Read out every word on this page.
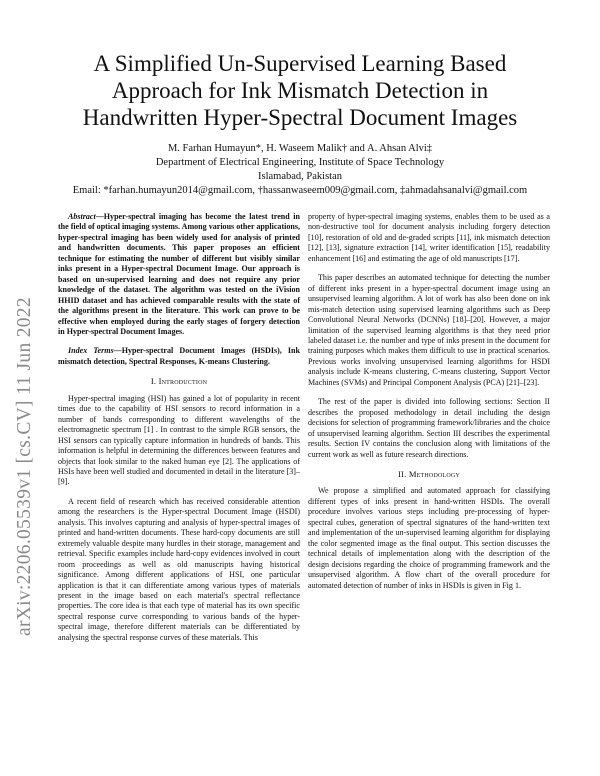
arXiv:2206.05539v1 [cs.CV] 11 Jun 2022
A Simplified Un-Supervised Learning Based Approach for Ink Mismatch Detection in Handwritten Hyper-Spectral Document Images
M. Farhan Humayun*, H. Waseem Malik† and A. Ahsan Alvi‡
Department of Electrical Engineering, Institute of Space Technology
Islamabad, Pakistan
Email: *farhan.humayun2014@gmail.com, †hassanwaseem009@gmail.com, ‡ahmadahsanalvi@gmail.com

Abstract—Hyper-spectral imaging has become the latest trend in the field of optical imaging systems. Among various other applications, hyper-spectral imaging has been widely used for analysis of printed and handwritten documents. This paper proposes an efficient technique for estimating the number of different but visibly similar inks present in a Hyper-spectral Document Image. Our approach is based on un-supervised learning and does not require any prior knowledge of the dataset. The algorithm was tested on the iVision HHID dataset and has achieved comparable results with the state of the algorithms present in the literature. This work can prove to be effective when employed during the early stages of forgery detection in Hyper-spectral Document Images.

Index Terms—Hyper-spectral Document Images (HSDIs), Ink mismatch detection, Spectral Responses, K-means Clustering.

I. Introduction

Hyper-spectral imaging (HSI) has gained a lot of popularity in recent times due to the capability of HSI sensors to record information in a number of bands corresponding to different wavelengths of the electromagnetic spectrum [1] . In contrast to the simple RGB sensors, the HSI sensors can typically capture information in hundreds of bands. This information is helpful in determining the differences between features and objects that look similar to the naked human eye [2]. The applications of HSIs have been well studied and documented in detail in the literature [3]–[9].

A recent field of research which has received considerable attention among the researchers is the Hyper-spectral Document Image (HSDI) analysis. This involves capturing and analysis of hyper-spectral images of printed and hand-written documents. These hard-copy documents are still extremely valuable despite many hurdles in their storage, management and retrieval. Specific examples include hard-copy evidences involved in court room proceedings as well as old manuscripts having historical significance. Among different applications of HSI, one particular application is that it can differentiate among various types of materials present in the image based on each material's spectral reflectance properties. The core idea is that each type of material has its own specific spectral response curve corresponding to various bands of the hyper-spectral image, therefore different materials can be differentiated by analysing the spectral response curves of these materials. This

property of hyper-spectral imaging systems, enables them to be used as a non-destructive tool for document analysis including forgery detection [10], restoration of old and de-graded scripts [11], ink mismatch detection [12], [13], signature extraction [14], writer identification [15], readability enhancement [16] and estimating the age of old manuscripts [17].

This paper describes an automated technique for detecting the number of different inks present in a hyper-spectral document image using an unsupervised learning algorithm. A lot of work has also been done on ink mis-match detection using supervised learning algorithms such as Deep Convolutional Neural Networks (DCNNs) [18]–[20]. However, a major limitation of the supervised learning algorithms is that they need prior labeled dataset i.e. the number and type of inks present in the document for training purposes which makes them difficult to use in practical scenarios. Previous works involving unsupervised learning algorithms for HSDI analysis include K-means clustering, C-means clustering, Support Vector Machines (SVMs) and Principal Component Analysis (PCA) [21]–[23].

The rest of the paper is divided into following sections: Section II describes the proposed methodology in detail including the design decisions for selection of programming framework/libraries and the choice of unsupervised learning algorithm. Section III describes the experimental results. Section IV contains the conclusion along with limitations of the current work as well as future research directions.

II. Methodology

We propose a simplified and automated approach for classifying different types of inks present in hand-written HSDIs. The overall procedure involves various steps including pre-processing of hyper-spectral cubes, generation of spectral signatures of the hand-written text and implementation of the un-supervised learning algorithm for displaying the color segmented image as the final output. This section discusses the technical details of implementation along with the description of the design decisions regarding the choice of programming framework and the unsupervised algorithm. A flow chart of the overall procedure for automated detection of number of inks in HSDIs is given in Fig 1.
